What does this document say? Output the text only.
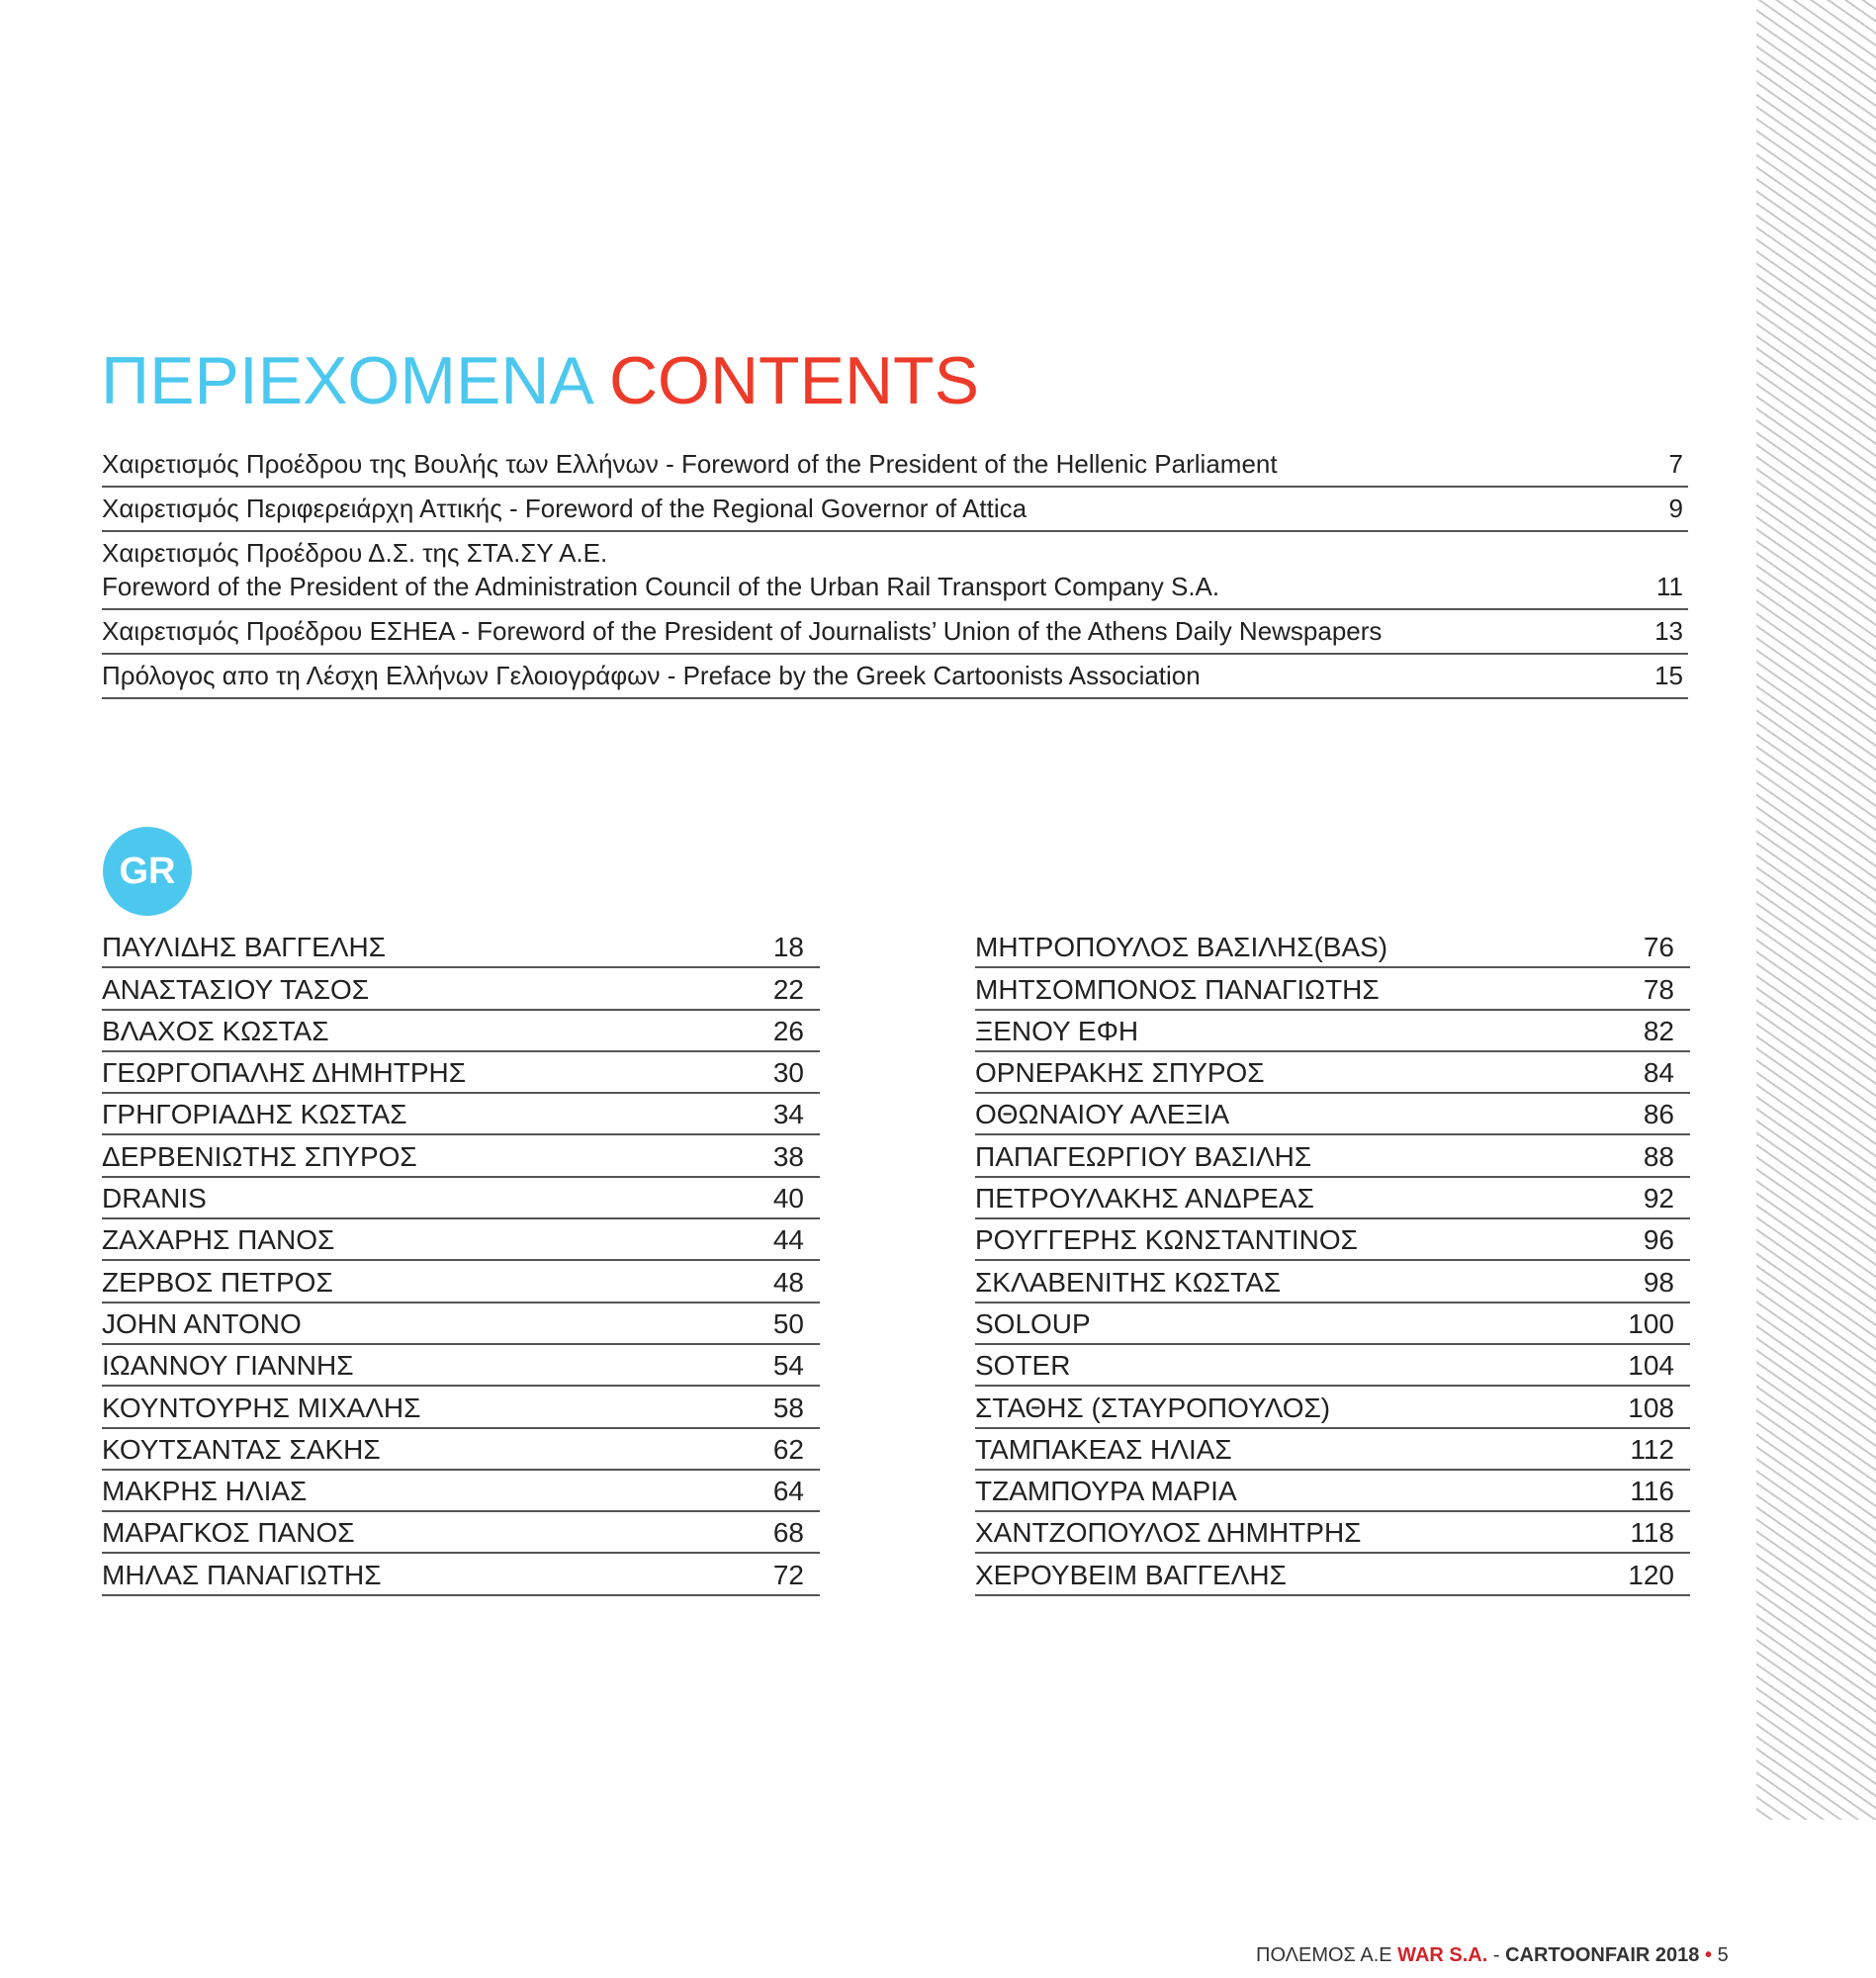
ΠΕΡΙΕΧΟΜΕΝΑ CONTENTS
Χαιρετισμός Προέδρου της Βουλής των Ελλήνων - Foreword of the President of the Hellenic Parliament	7
Χαιρετισμός Περιφερειάρχη Αττικής - Foreword of the Regional Governor of Attica	9
Χαιρετισμός Προέδρου Δ.Σ. της ΣΤΑ.ΣΥ Α.Ε.
Foreword of the President of the Administration Council of the Urban Rail Transport Company S.A.	11
Χαιρετισμός Προέδρου ΕΣΗΕΑ - Foreword of the President of Journalists’ Union of the Athens Daily Newspapers	13
Πρόλογος απο τη Λέσχη Ελλήνων Γελοιογράφων - Preface by the Greek Cartoonists Association	15
GR
ΠΑΥΛΙΔΗΣ ΒΑΓΓΕΛΗΣ	18
ΑΝΑΣΤΑΣΙΟΥ ΤΑΣΟΣ	22
ΒΛΑΧΟΣ ΚΩΣΤΑΣ	26
ΓΕΩΡΓΟΠΑΛΗΣ ΔΗΜΗΤΡΗΣ	30
ΓΡΗΓΟΡΙΑΔΗΣ ΚΩΣΤΑΣ	34
ΔΕΡΒΕΝΙΩΤΗΣ ΣΠΥΡΟΣ	38
DRANIS	40
ΖΑΧΑΡΗΣ ΠΑΝΟΣ	44
ΖΕΡΒΟΣ ΠΕΤΡΟΣ	48
JOHN ANTONO	50
ΙΩΑΝΝΟΥ ΓΙΑΝΝΗΣ	54
ΚΟΥΝΤΟΥΡΗΣ ΜΙΧΑΛΗΣ	58
ΚΟΥΤΣΑΝΤΑΣ ΣΑΚΗΣ	62
ΜΑΚΡΗΣ ΗΛΙΑΣ	64
ΜΑΡΑΓΚΟΣ ΠΑΝΟΣ	68
ΜΗΛΑΣ ΠΑΝΑΓΙΩΤΗΣ	72
ΜΗΤΡΟΠΟΥΛΟΣ ΒΑΣΙΛΗΣ(BAS)	76
ΜΗΤΣΟΜΠΟΝΟΣ ΠΑΝΑΓΙΩΤΗΣ	78
ΞΕΝΟΥ ΕΦΗ	82
ΟΡΝΕΡΑΚΗΣ ΣΠΥΡΟΣ	84
ΟΘΩΝΑΙΟΥ ΑΛΕΞΙΑ	86
ΠΑΠΑΓΕΩΡΓΙΟΥ ΒΑΣΙΛΗΣ	88
ΠΕΤΡΟΥΛΑΚΗΣ ΑΝΔΡΕΑΣ	92
ΡΟΥΓΓΕΡΗΣ ΚΩΝΣΤΑΝΤΙΝΟΣ	96
ΣΚΛΑΒΕΝΙΤΗΣ ΚΩΣΤΑΣ	98
SOLOUP	100
SOTER	104
ΣΤΑΘΗΣ (ΣΤΑΥΡΟΠΟΥΛΟΣ)	108
ΤΑΜΠΑΚΕΑΣ ΗΛΙΑΣ	112
ΤΖΑΜΠΟΥΡΑ ΜΑΡΙΑ	116
ΧΑΝΤΖΟΠΟΥΛΟΣ ΔΗΜΗΤΡΗΣ	118
ΧΕΡΟΥΒΕΙΜ ΒΑΓΓΕΛΗΣ	120
ΠΟΛΕΜΟΣ Α.Ε WAR S.A. - CARTOONFAIR 2018 • 5
